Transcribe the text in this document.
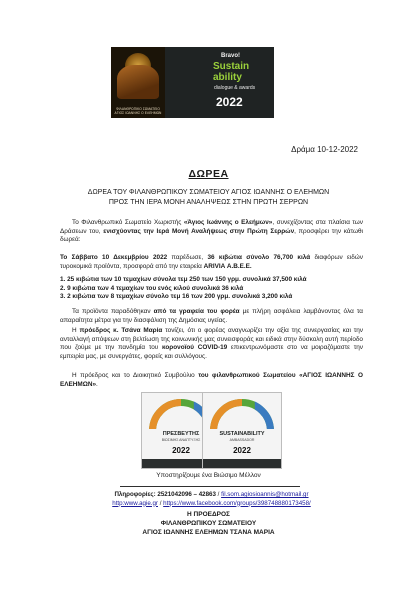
ΦΙΛΑΝΘΡΩΠΙΚΟ ΣΩΜΑΤΕΙΟ ΑΓΙΟΣ ΙΩΑΝΝΗΣ Ο ΕΛΕΗΜΩΝ
Bravo!
Sustain ability
dialogue & awards
2022
Δράμα 10-12-2022
ΔΩΡΕΑ
ΔΩΡΕΑ ΤΟΥ ΦΙΛΑΝΘΡΩΠΙΚΟΥ ΣΩΜΑΤΕΙΟΥ ΑΓΙΟΣ ΙΩΑΝΝΗΣ Ο ΕΛΕΗΜΩΝ
ΠΡΟΣ ΤΗΝ ΙΕΡΑ ΜΟΝΗ ΑΝΑΛΗΨΕΩΣ ΣΤΗΝ ΠΡΩΤΗ ΣΕΡΡΩΝ
Το Φιλανθρωπικό Σωματείο Χωριστής «Άγιος Ιωάννης ο Ελεήμων», συνεχίζοντας στα πλαίσια των Δράσεων του, ενισχύοντας την Ιερά Μονή Αναλήψεως στην Πρώτη Σερρών, προσφέρει την κάτωθι δωρεά:
Το Σάββατο 10 Δεκεμβρίου 2022 παρέδωσε, 36 κιβώτια σύνολο 76,700 κιλά διαφόρων ειδών τυροκομικά προϊόντα, προσφορά από την εταιρεία ARIVIA Α.Β.Ε.Ε.
1. 25 κιβώτια των 10 τεμαχίων σύνολα τεμ 250 των 150 γρμ. συνολικά 37,500 κιλά
2. 9 κιβώτια των 4 τεμαχίων του ενός κιλού συνολικά 36 κιλά
3. 2 κιβώτια των 8 τεμαχίων σύνολο τεμ 16 των 200 γρμ. συνολικά 3,200 κιλά
Τα προϊόντα παραδόθηκαν από τα γραφεία του φορέα με πλήρη ασφάλεια λαμβάνοντας όλα τα απαραίτητα μέτρα για την διασφάλιση της Δημόσιας υγείας.
Η πρόεδρος κ. Τσάνα Μαρία τονίζει, ότι ο φορέας αναγνωρίζει την αξία της συνεργασίας και την ανταλλαγή απόψεων στη βελτίωση της κοινωνικής μας συνεισφοράς και ειδικά στην δύσκολη αυτή περίοδο που ζούμε με την πανδημία του κορονοϊού COVID-19 επικεντρωνόμαστε στο να μοιραζόμαστε την εμπειρία μας, με συνεργάτες, φορείς και συλλόγους.
Η πρόεδρος και το Διοικητικό Συμβούλιο του φιλανθρωπικού Σωματείου «ΑΓΙΟΣ ΙΩΑΝΝΗΣ Ο ΕΛΕΗΜΩΝ».
ΠΡΕΣΒΕΥΤΗΣ
ΒΙΩΣΙΜΗΣ ΑΝΑΠΤΥΞΗΣ
2022
SUSTAINABILITY
AMBASSADOR
2022
Υποστηρίζουμε ένα Βιώσιμο Μέλλον
Πληροφορίες: 2521042096 – 42863 / fil.som.agiosioannis@hotmail.gr
http:www.agie.gr / https://www.facebook.com/groups/398748880173458/
Η ΠΡΟΕΔΡΟΣ
ΦΙΛΑΝΘΡΩΠΙΚΟΥ ΣΩΜΑΤΕΙΟΥ
ΑΓΙΟΣ ΙΩΑΝΝΗΣ ΕΛΕΗΜΩΝ ΤΣΑΝΑ ΜΑΡΙΑ
